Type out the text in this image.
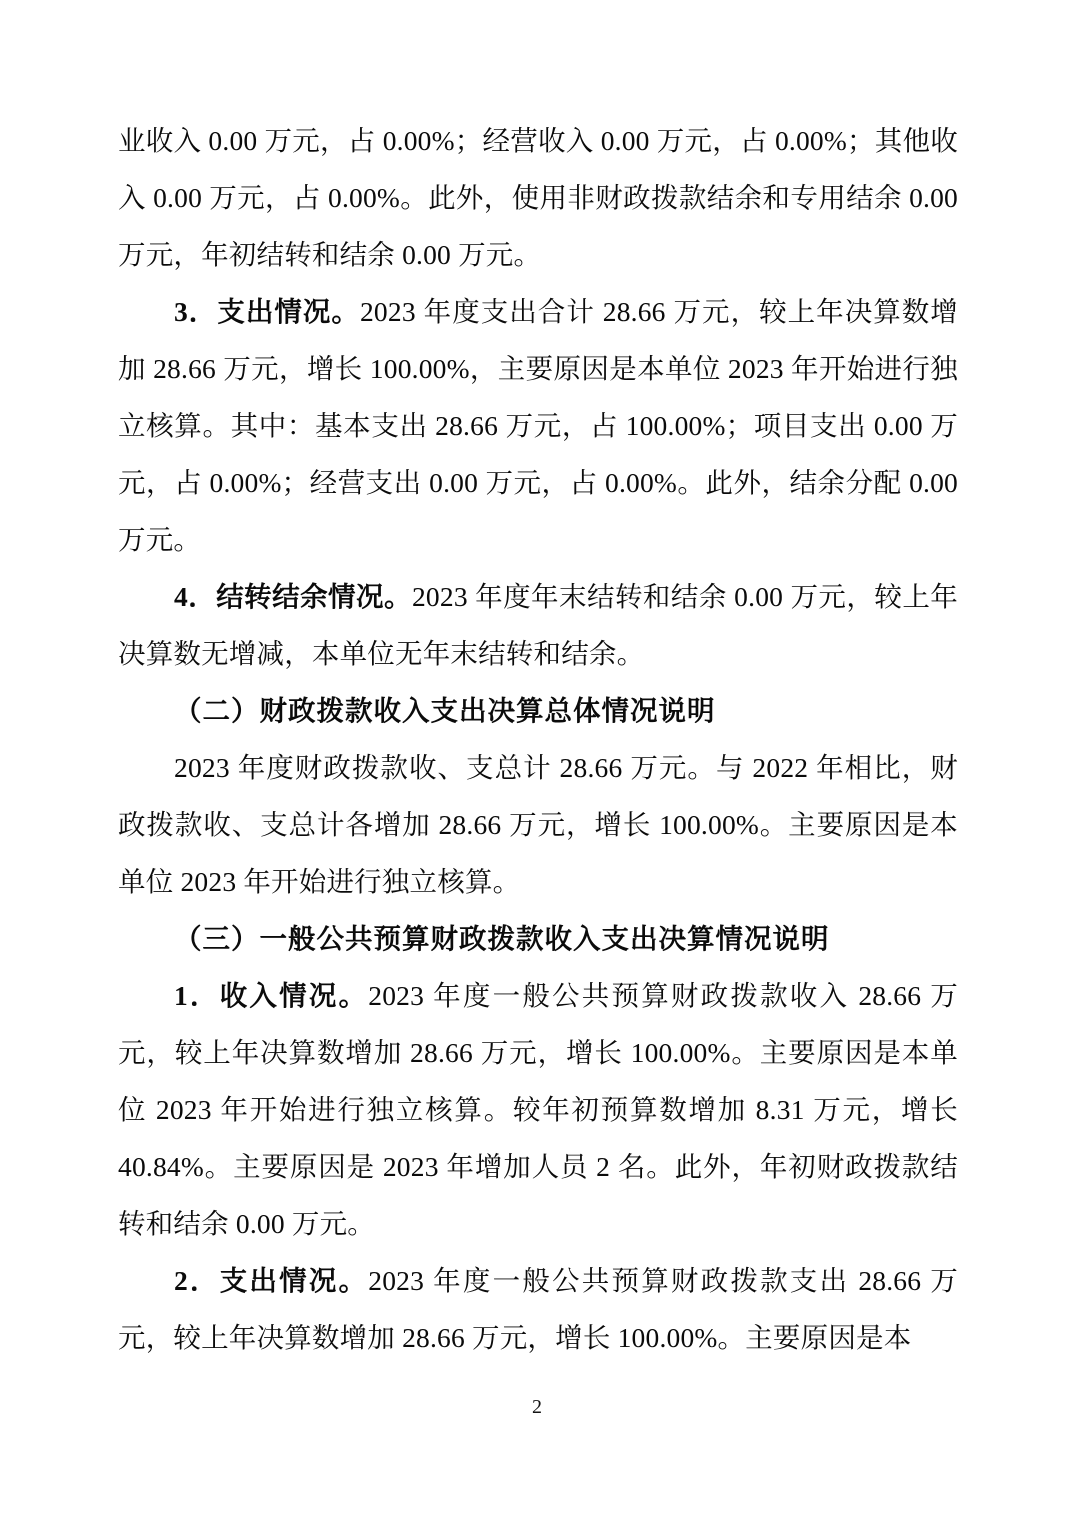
业收入 0.00 万元，占 0.00%；经营收入 0.00 万元，占 0.00%；其他收入 0.00 万元，占 0.00%。此外，使用非财政拨款结余和专用结余 0.00 万元，年初结转和结余 0.00 万元。

3．支出情况。2023 年度支出合计 28.66 万元，较上年决算数增加 28.66 万元，增长 100.00%，主要原因是本单位 2023 年开始进行独立核算。其中：基本支出 28.66 万元，占 100.00%；项目支出 0.00 万元，占 0.00%；经营支出 0.00 万元，占 0.00%。此外，结余分配 0.00 万元。

4．结转结余情况。2023 年度年末结转和结余 0.00 万元，较上年决算数无增减，本单位无年末结转和结余。

（二）财政拨款收入支出决算总体情况说明

2023 年度财政拨款收、支总计 28.66 万元。与 2022 年相比，财政拨款收、支总计各增加 28.66 万元，增长 100.00%。主要原因是本单位 2023 年开始进行独立核算。

（三）一般公共预算财政拨款收入支出决算情况说明

1．收入情况。2023 年度一般公共预算财政拨款收入 28.66 万元，较上年决算数增加 28.66 万元，增长 100.00%。主要原因是本单位 2023 年开始进行独立核算。较年初预算数增加 8.31 万元，增长 40.84%。主要原因是 2023 年增加人员 2 名。此外，年初财政拨款结转和结余 0.00 万元。

2．支出情况。2023 年度一般公共预算财政拨款支出 28.66 万元，较上年决算数增加 28.66 万元，增长 100.00%。主要原因是本

2
